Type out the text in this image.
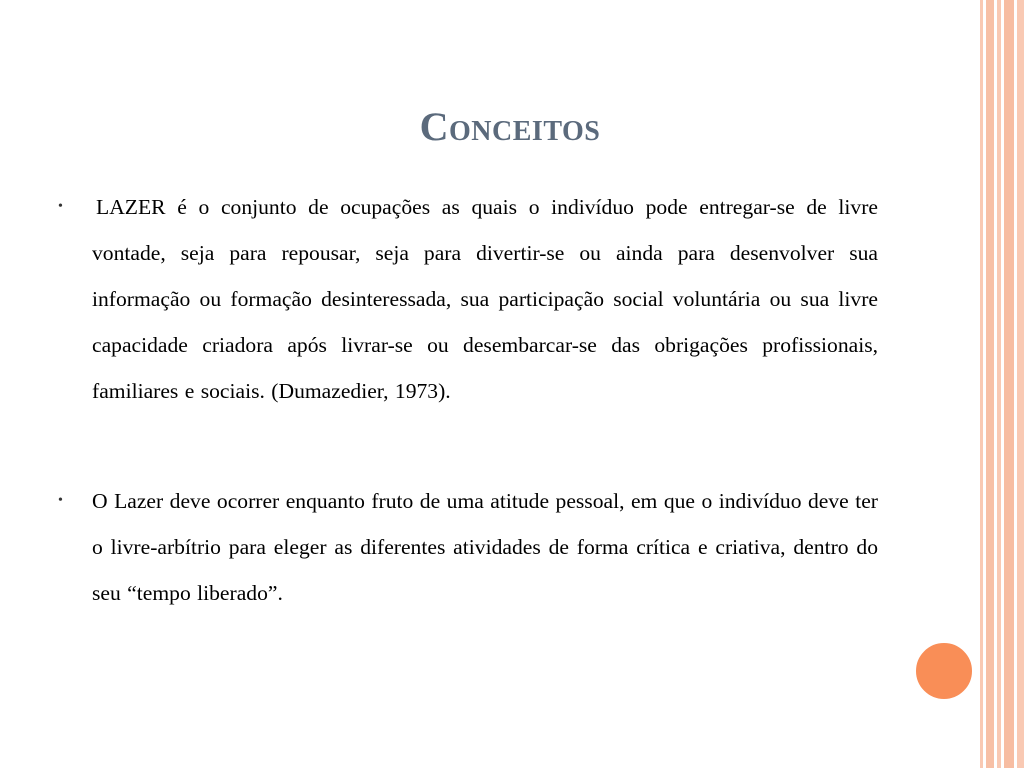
Conceitos
•	LAZER é o conjunto de ocupações as quais o indivíduo pode entregar-se de livre vontade, seja para repousar, seja para divertir-se ou ainda para desenvolver sua informação ou formação desinteressada, sua participação social voluntária ou sua livre capacidade criadora após livrar-se ou desembarcar-se das obrigações profissionais, familiares e sociais. (Dumazedier, 1973).
•	O Lazer deve ocorrer enquanto fruto de uma atitude pessoal, em que o indivíduo deve ter o livre-arbítrio para eleger as diferentes atividades de forma crítica e criativa, dentro do seu “tempo liberado”.
